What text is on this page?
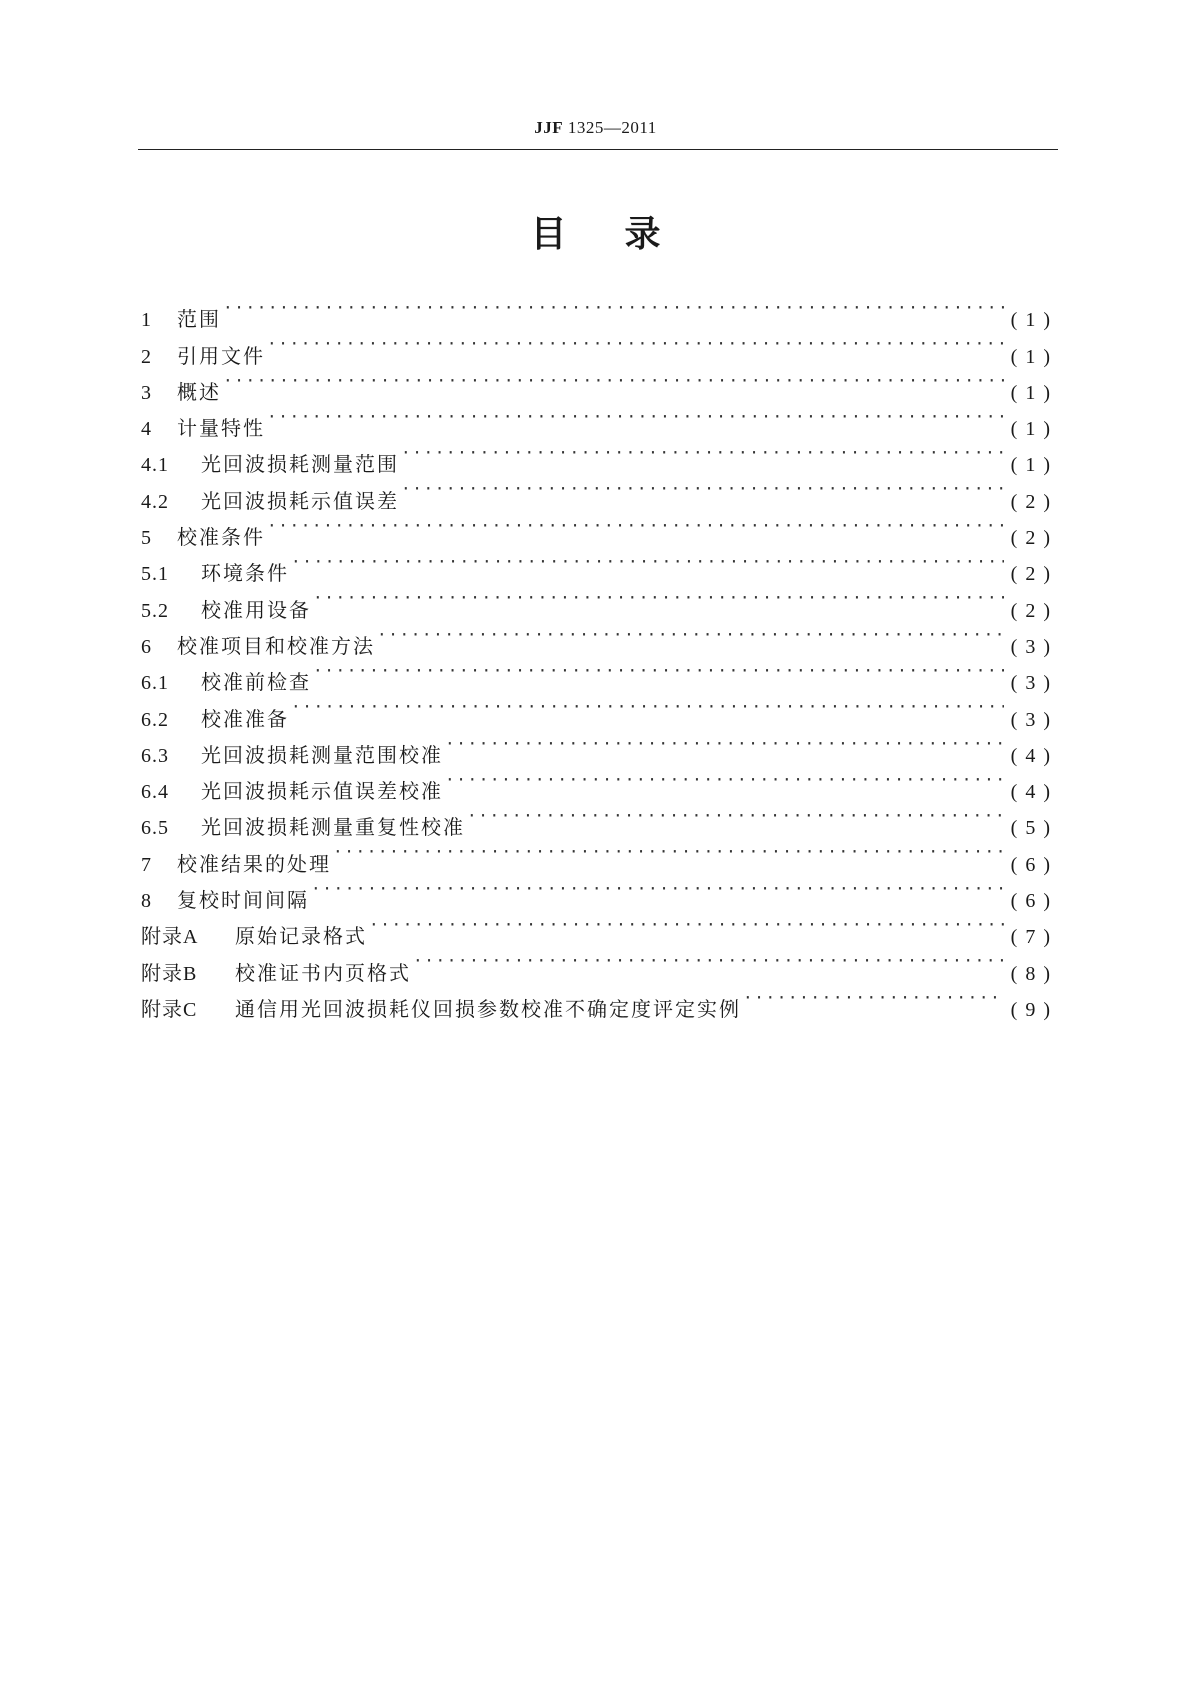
JJF 1325—2011
目录
1	范围 ·····	(1)
2	引用文件 ·····	(1)
3	概述 ·····	(1)
4	计量特性 ·····	(1)
4.1	光回波损耗测量范围 ·····	(1)
4.2	光回波损耗示值误差 ·····	(2)
5	校准条件 ·····	(2)
5.1	环境条件 ·····	(2)
5.2	校准用设备 ·····	(2)
6	校准项目和校准方法 ·····	(3)
6.1	校准前检查 ·····	(3)
6.2	校准准备 ·····	(3)
6.3	光回波损耗测量范围校准 ·····	(4)
6.4	光回波损耗示值误差校准 ·····	(4)
6.5	光回波损耗测量重复性校准 ·····	(5)
7	校准结果的处理 ·····	(6)
8	复校时间间隔 ·····	(6)
附录A	原始记录格式 ·····	(7)
附录B	校准证书内页格式 ·····	(8)
附录C	通信用光回波损耗仪回损参数校准不确定度评定实例 ·····	(9)
